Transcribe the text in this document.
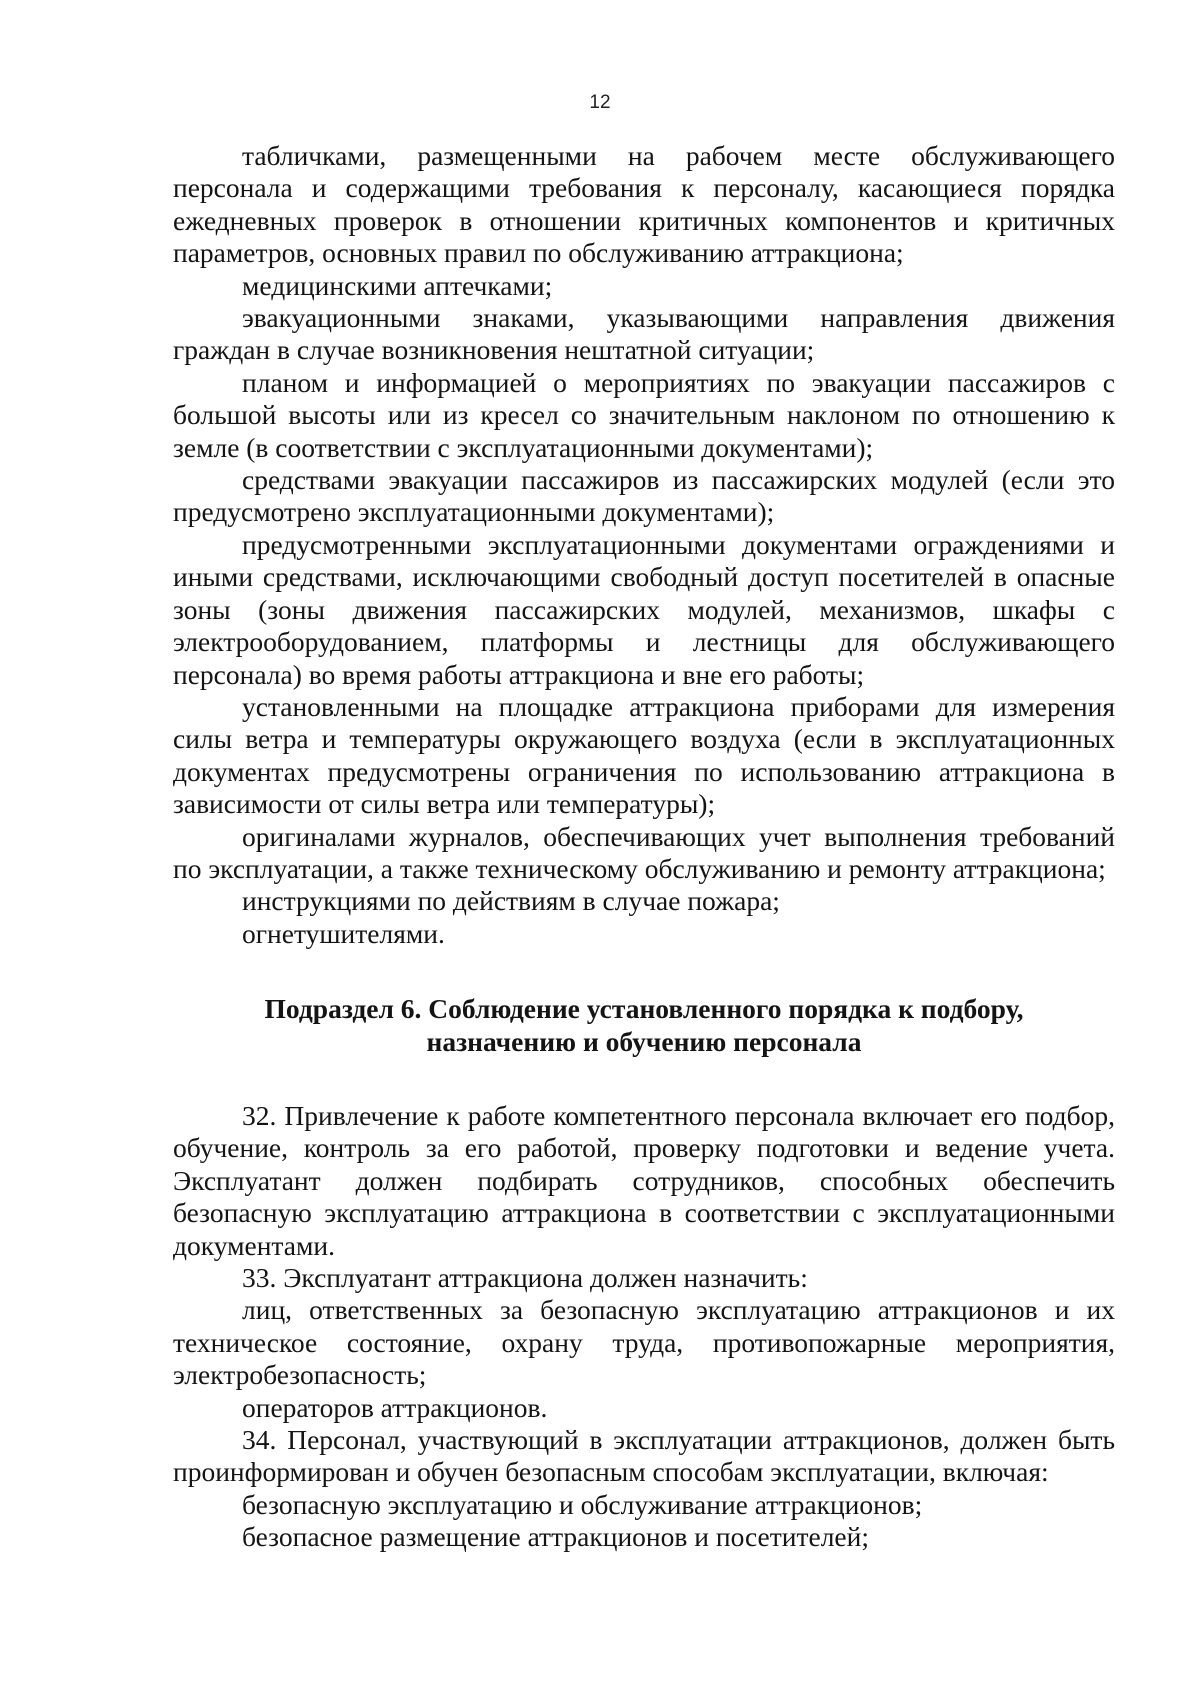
12

табличками, размещенными на рабочем месте обслуживающего персонала и содержащими требования к персоналу, касающиеся порядка ежедневных проверок в отношении критичных компонентов и критичных параметров, основных правил по обслуживанию аттракциона;

медицинскими аптечками;

эвакуационными знаками, указывающими направления движения граждан в случае возникновения нештатной ситуации;

планом и информацией о мероприятиях по эвакуации пассажиров с большой высоты или из кресел со значительным наклоном по отношению к земле (в соответствии с эксплуатационными документами);

средствами эвакуации пассажиров из пассажирских модулей (если это предусмотрено эксплуатационными документами);

предусмотренными эксплуатационными документами ограждениями и иными средствами, исключающими свободный доступ посетителей в опасные зоны (зоны движения пассажирских модулей, механизмов, шкафы с электрооборудованием, платформы и лестницы для обслуживающего персонала) во время работы аттракциона и вне его работы;

установленными на площадке аттракциона приборами для измерения силы ветра и температуры окружающего воздуха (если в эксплуатационных документах предусмотрены ограничения по использованию аттракциона в зависимости от силы ветра или температуры);

оригиналами журналов, обеспечивающих учет выполнения требований по эксплуатации, а также техническому обслуживанию и ремонту аттракциона;

инструкциями по действиям в случае пожара;

огнетушителями.

Подраздел 6. Соблюдение установленного порядка к подбору,

назначению и обучению персонала

32. Привлечение к работе компетентного персонала включает его подбор, обучение, контроль за его работой, проверку подготовки и ведение учета. Эксплуатант должен подбирать сотрудников, способных обеспечить безопасную эксплуатацию аттракциона в соответствии с эксплуатационными документами.

33. Эксплуатант аттракциона должен назначить:

лиц, ответственных за безопасную эксплуатацию аттракционов и их техническое состояние, охрану труда, противопожарные мероприятия, электробезопасность;

операторов аттракционов.

34. Персонал, участвующий в эксплуатации аттракционов, должен быть проинформирован и обучен безопасным способам эксплуатации, включая:

безопасную эксплуатацию и обслуживание аттракционов;

безопасное размещение аттракционов и посетителей;
